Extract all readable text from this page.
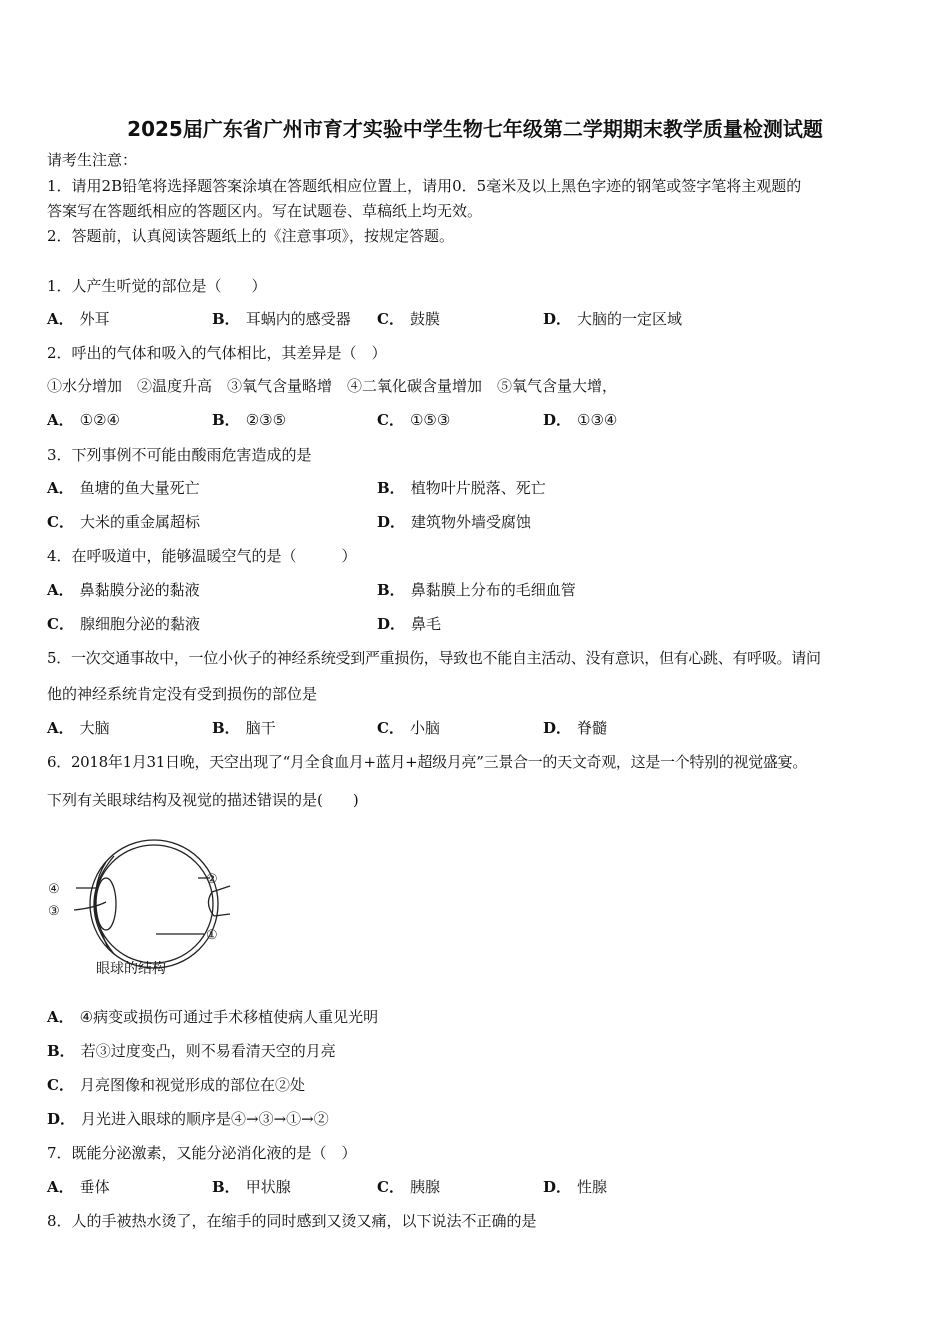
2025届广东省广州市育才实验中学生物七年级第二学期期末教学质量检测试题
请考生注意：
1．请用2B铅笔将选择题答案涂填在答题纸相应位置上，请用0．5毫米及以上黑色字迹的钢笔或签字笔将主观题的
答案写在答题纸相应的答题区内。写在试题卷、草稿纸上均无效。
2．答题前，认真阅读答题纸上的《注意事项》，按规定答题。
1．人产生听觉的部位是（　　）
A． 外耳	B． 耳蜗内的感受器 C． 鼓膜	D． 大脑的一定区域
2．呼出的气体和吸入的气体相比，其差异是（　）
①水分增加　②温度升高　③氧气含量略增　④二氧化碳含量增加　⑤氧气含量大增，
A． ①②④	B． ②③⑤	C． ①⑤③	D． ①③④
3．下列事例不可能由酸雨危害造成的是
A． 鱼塘的鱼大量死亡	B． 植物叶片脱落、死亡
C． 大米的重金属超标	D． 建筑物外墙受腐蚀
4．在呼吸道中，能够温暖空气的是（　　　）
A． 鼻黏膜分泌的黏液	B． 鼻黏膜上分布的毛细血管
C． 腺细胞分泌的黏液	D． 鼻毛
5．一次交通事故中，一位小伙子的神经系统受到严重损伤，导致也不能自主活动、没有意识，但有心跳、有呼吸。请问
他的神经系统肯定没有受到损伤的部位是
A． 大脑	B． 脑干	C． 小脑	D． 脊髓
6．2018年1月31日晚，天空出现了“月全食血月+蓝月+超级月亮”三景合一的天文奇观，这是一个特别的视觉盛宴。
下列有关眼球结构及视觉的描述错误的是(　　)
④
③
②
①
眼球的结构
A． ④病变或损伤可通过手术移植使病人重见光明
B． 若③过度变凸，则不易看清天空的月亮
C． 月亮图像和视觉形成的部位在②处
D． 月光进入眼球的顺序是④→③→①→②
7．既能分泌激素，又能分泌消化液的是（　）
A． 垂体	B． 甲状腺	C． 胰腺	D． 性腺
8．人的手被热水烫了，在缩手的同时感到又烫又痛，以下说法不正确的是
